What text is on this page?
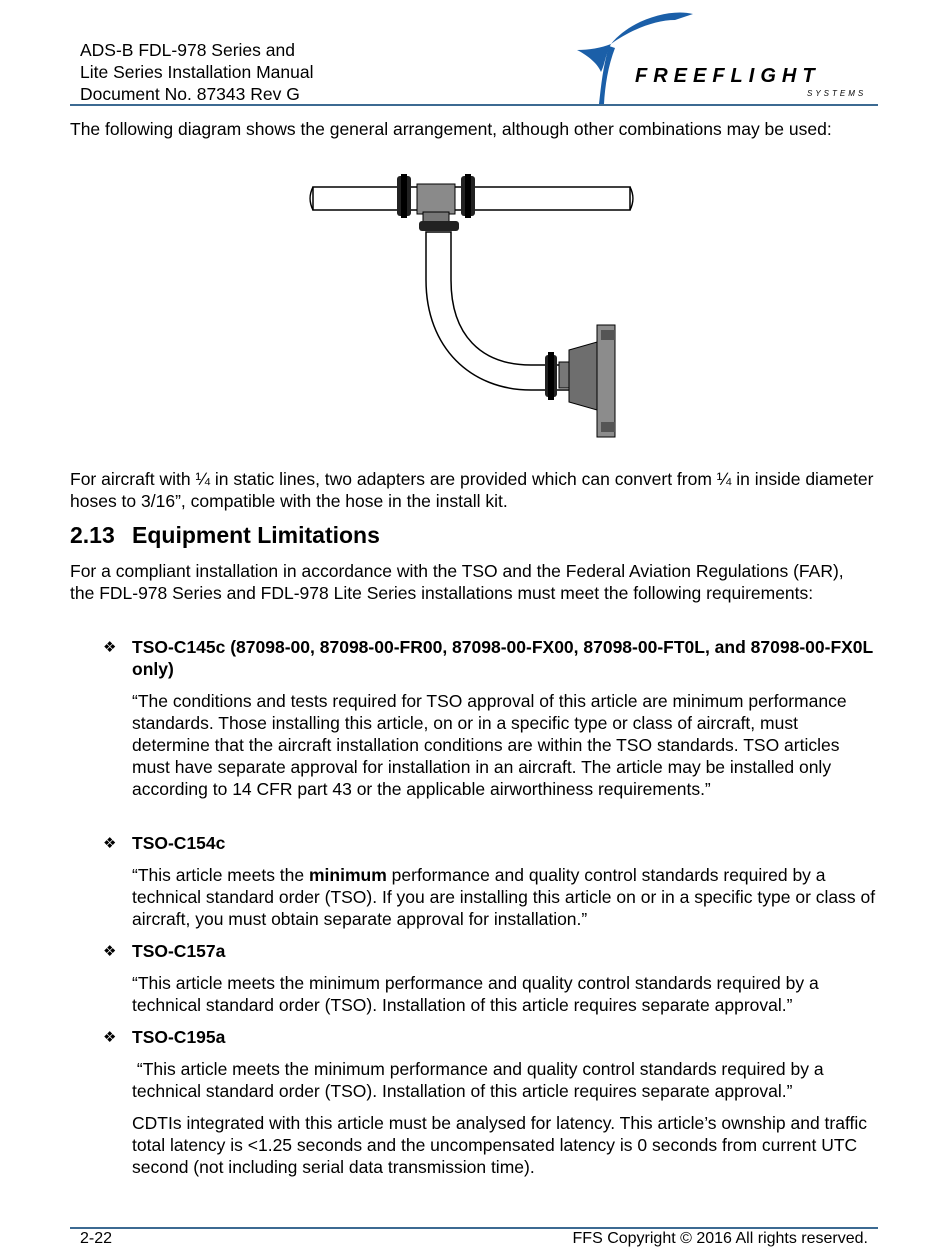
ADS-B FDL-978 Series and
Lite Series Installation Manual
Document No. 87343 Rev G
FREEFLIGHT
SYSTEMS
The following diagram shows the general arrangement, although other combinations may be used:
For aircraft with ¼ in static lines, two adapters are provided which can convert from ¼ in inside diameter hoses to 3/16”, compatible with the hose in the install kit.
2.13 Equipment Limitations
For a compliant installation in accordance with the TSO and the Federal Aviation Regulations (FAR), the FDL-978 Series and FDL-978 Lite Series installations must meet the following requirements:
❖ TSO-C145c (87098-00, 87098-00-FR00, 87098-00-FX00, 87098-00-FT0L, and 87098-00-FX0L only)
“The conditions and tests required for TSO approval of this article are minimum performance standards. Those installing this article, on or in a specific type or class of aircraft, must determine that the aircraft installation conditions are within the TSO standards. TSO articles must have separate approval for installation in an aircraft. The article may be installed only according to 14 CFR part 43 or the applicable airworthiness requirements.”
❖ TSO-C154c
“This article meets the minimum performance and quality control standards required by a technical standard order (TSO). If you are installing this article on or in a specific type or class of aircraft, you must obtain separate approval for installation.”
❖ TSO-C157a
“This article meets the minimum performance and quality control standards required by a technical standard order (TSO). Installation of this article requires separate approval.”
❖ TSO-C195a
“This article meets the minimum performance and quality control standards required by a technical standard order (TSO). Installation of this article requires separate approval.”
CDTIs integrated with this article must be analysed for latency. This article’s ownship and traffic total latency is <1.25 seconds and the uncompensated latency is 0 seconds from current UTC second (not including serial data transmission time).
2-22	FFS Copyright © 2016 All rights reserved.
